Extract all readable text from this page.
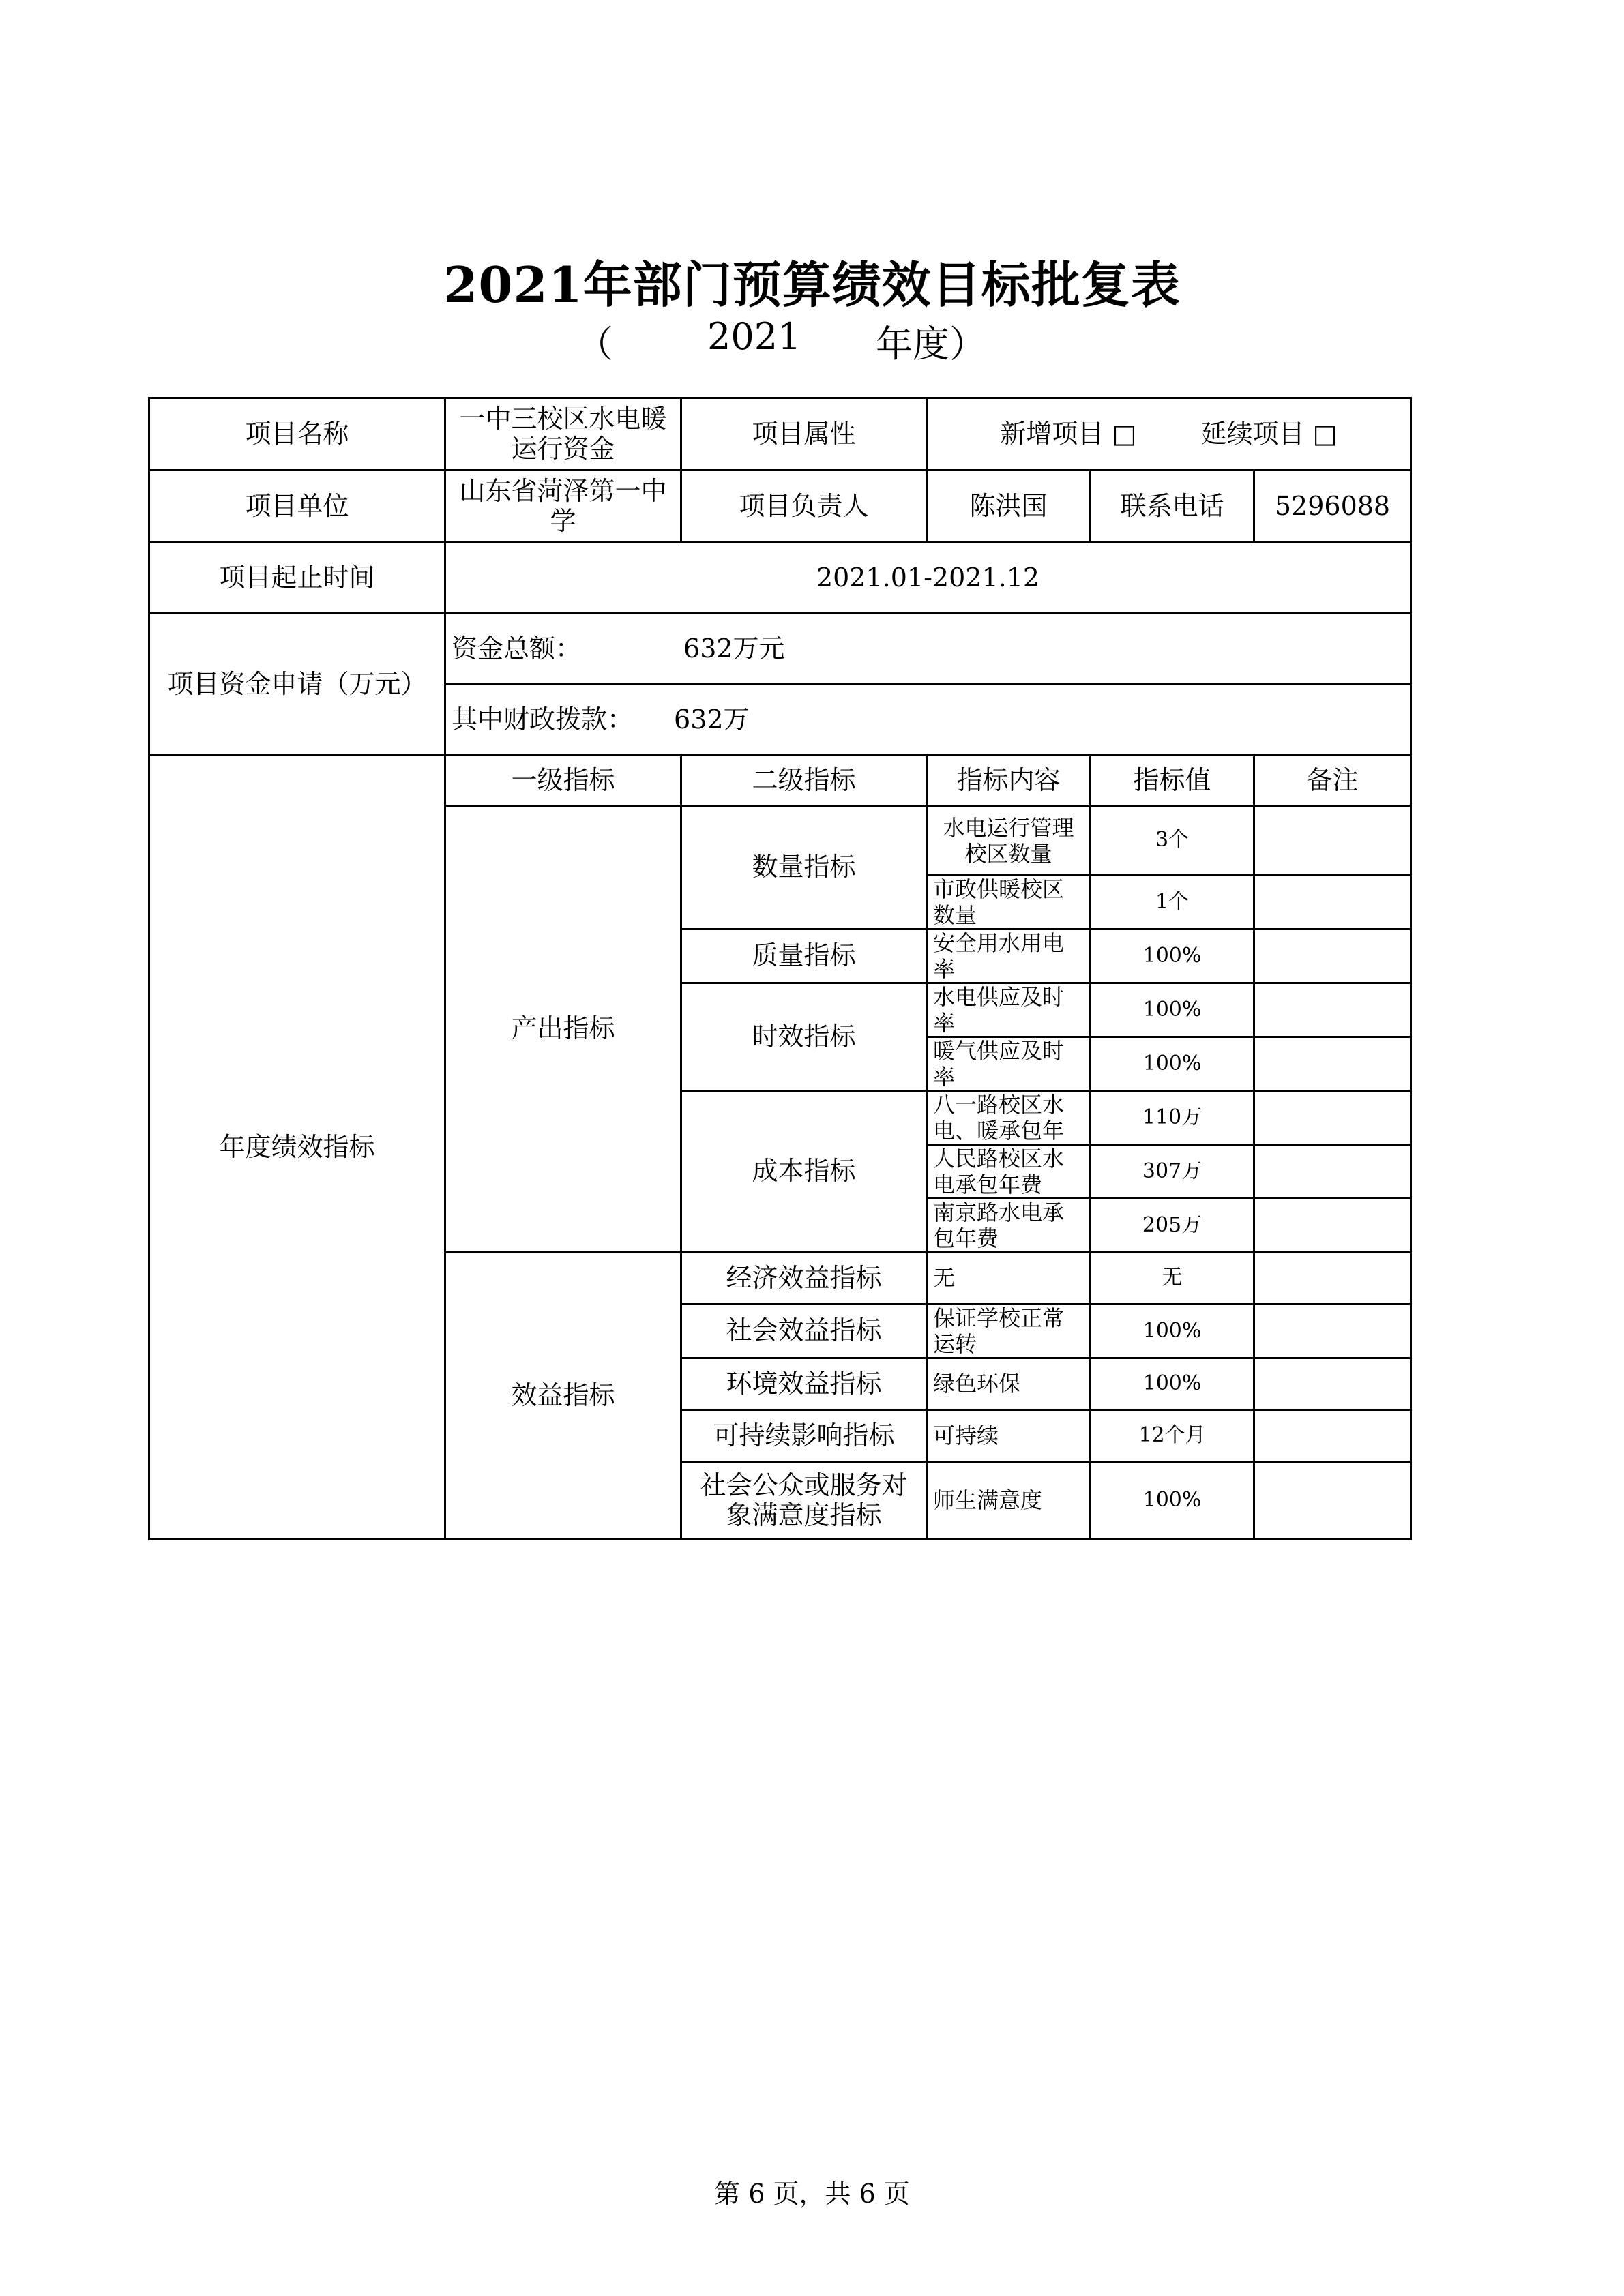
2021年部门预算绩效目标批复表
（	2021 年度）
项目名称	一中三校区水电暖运行资金	项目属性	新增项目 □ 延续项目 □		
项目单位	山东省菏泽第一中学	项目负责人	陈洪国	联系电话	5296088
项目起止时间	2021.01-2021.12				
项目资金申请（万元）	资金总额： 632万元				
	其中财政拨款： 632万				
年度绩效指标	一级指标	二级指标	指标内容	指标值	备注
	产出指标	数量指标	水电运行管理校区数量	3个	

			市政供暖校区数量	1个	
		质量指标	安全用水用电率	100%	
		时效指标	水电供应及时率	100%	

			暖气供应及时率	100%	
		成本指标	八一路校区水电、暖承包年	110万	

			人民路校区水电承包年费	307万	

			南京路水电承包年费	205万	
	效益指标	经济效益指标	无	无	
		社会效益指标	保证学校正常运转	100%	
		环境效益指标	绿色环保	100%	
		可持续影响指标	可持续	12个月	
		社会公众或服务对象满意度指标	师生满意度	100%	
第 6 页，共 6 页
